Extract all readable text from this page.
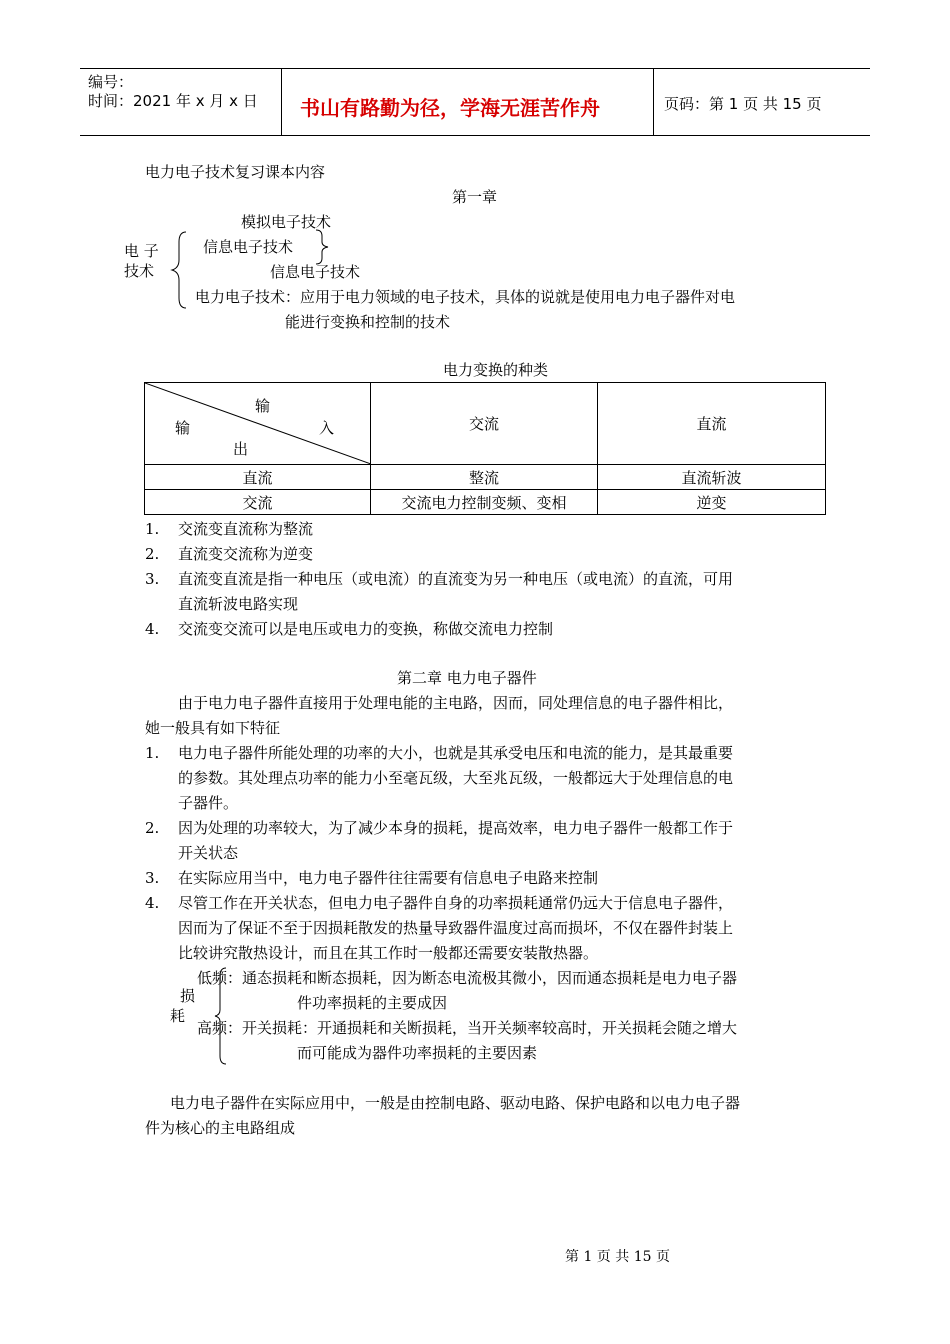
编号：
时间：2021 年 x 月 x 日 书山有路勤为径，学海无涯苦作舟	页码：第 1 页 共 15 页
电力电子技术复习课本内容
第一章
电 子
技术
模拟电子技术
信息电子技术
信息电子技术
电力电子技术：应用于电力领域的电子技术，具体的说就是使用电力电子器件对电
能进行变换和控制的技术
电力变换的种类
输
入
输
出	交流	直流
直流	整流	直流斩波
交流	交流电力控制变频、变相	逆变
1. 交流变直流称为整流
2. 直流变交流称为逆变
3. 直流变直流是指一种电压（或电流）的直流变为另一种电压（或电流）的直流，可用
直流斩波电路实现
4. 交流变交流可以是电压或电力的变换，称做交流电力控制
第二章 电力电子器件
由于电力电子器件直接用于处理电能的主电路，因而，同处理信息的电子器件相比，
她一般具有如下特征
1. 电力电子器件所能处理的功率的大小，也就是其承受电压和电流的能力，是其最重要
的参数。其处理点功率的能力小至毫瓦级，大至兆瓦级，一般都远大于处理信息的电
子器件。
2. 因为处理的功率较大，为了减少本身的损耗，提高效率，电力电子器件一般都工作于
开关状态
3. 在实际应用当中，电力电子器件往往需要有信息电子电路来控制
4. 尽管工作在开关状态，但电力电子器件自身的功率损耗通常仍远大于信息电子器件，
因而为了保证不至于因损耗散发的热量导致器件温度过高而损坏，不仅在器件封装上
比较讲究散热设计，而且在其工作时一般都还需要安装散热器。
损
耗
低频：通态损耗和断态损耗，因为断态电流极其微小，因而通态损耗是电力电子器
件功率损耗的主要成因
高频：开关损耗：开通损耗和关断损耗，当开关频率较高时，开关损耗会随之增大
而可能成为器件功率损耗的主要因素
电力电子器件在实际应用中，一般是由控制电路、驱动电路、保护电路和以电力电子器
件为核心的主电路组成
第 1 页 共 15 页
